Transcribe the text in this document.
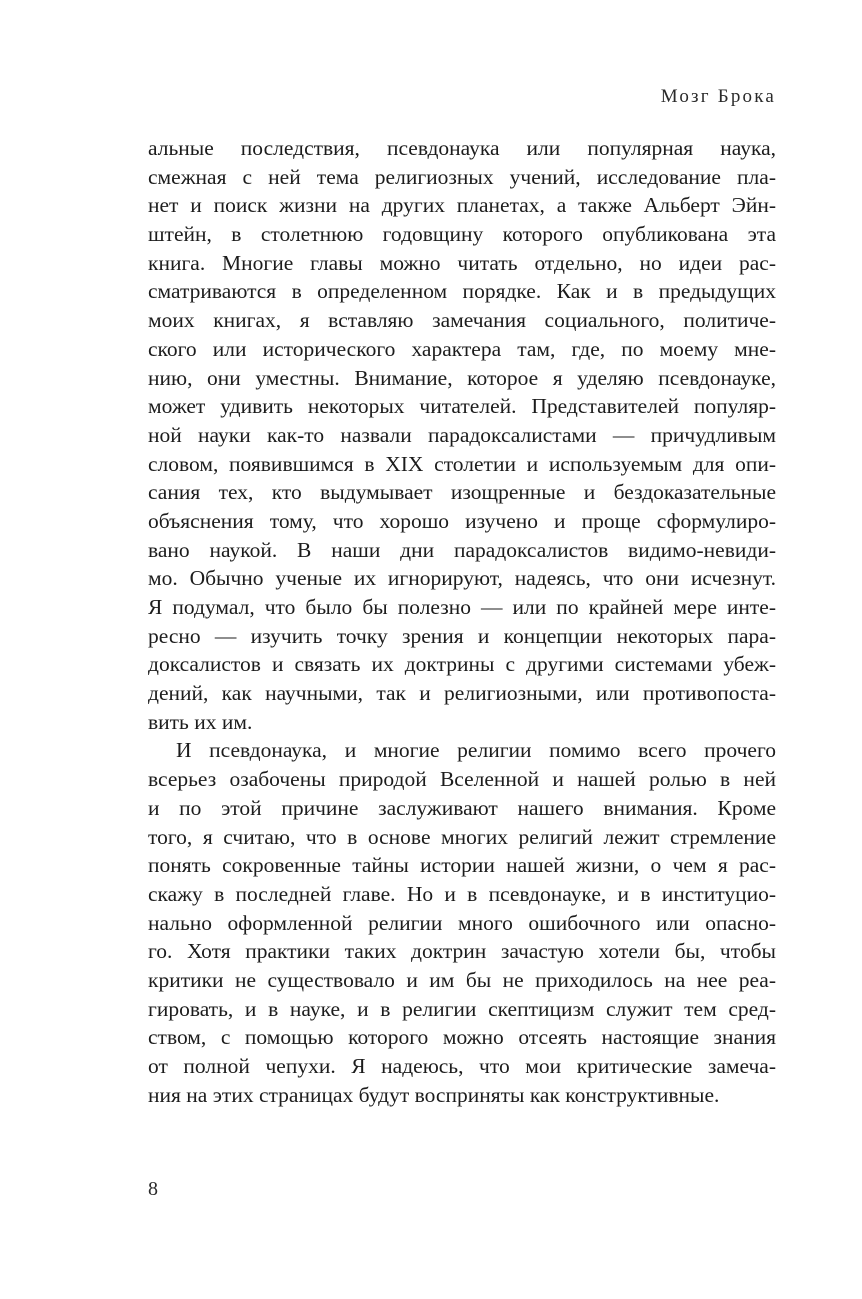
Мозг Брока
альные последствия, псевдонаука или популярная наука,
смежная с ней тема религиозных учений, исследование пла-
нет и поиск жизни на других планетах, а также Альберт Эйн-
штейн, в столетнюю годовщину которого опубликована эта
книга. Многие главы можно читать отдельно, но идеи рас-
сматриваются в определенном порядке. Как и в предыдущих
моих книгах, я вставляю замечания социального, политиче-
ского или исторического характера там, где, по моему мне-
нию, они уместны. Внимание, которое я уделяю псевдонауке,
может удивить некоторых читателей. Представителей популяр-
ной науки как-то назвали парадоксалистами — причудливым
словом, появившимся в XIX столетии и используемым для опи-
сания тех, кто выдумывает изощренные и бездоказательные
объяснения тому, что хорошо изучено и проще сформулиро-
вано наукой. В наши дни парадоксалистов видимо-невиди-
мо. Обычно ученые их игнорируют, надеясь, что они исчезнут.
Я подумал, что было бы полезно — или по крайней мере инте-
ресно — изучить точку зрения и концепции некоторых пара-
доксалистов и связать их доктрины с другими системами убеж-
дений, как научными, так и религиозными, или противопоста-
вить их им.
И псевдонаука, и многие религии помимо всего прочего
всерьез озабочены природой Вселенной и нашей ролью в ней
и по этой причине заслуживают нашего внимания. Кроме
того, я считаю, что в основе многих религий лежит стремление
понять сокровенные тайны истории нашей жизни, о чем я рас-
скажу в последней главе. Но и в псевдонауке, и в институцио-
нально оформленной религии много ошибочного или опасно-
го. Хотя практики таких доктрин зачастую хотели бы, чтобы
критики не существовало и им бы не приходилось на нее реа-
гировать, и в науке, и в религии скептицизм служит тем сред-
ством, с помощью которого можно отсеять настоящие знания
от полной чепухи. Я надеюсь, что мои критические замеча-
ния на этих страницах будут восприняты как конструктивные.
8
